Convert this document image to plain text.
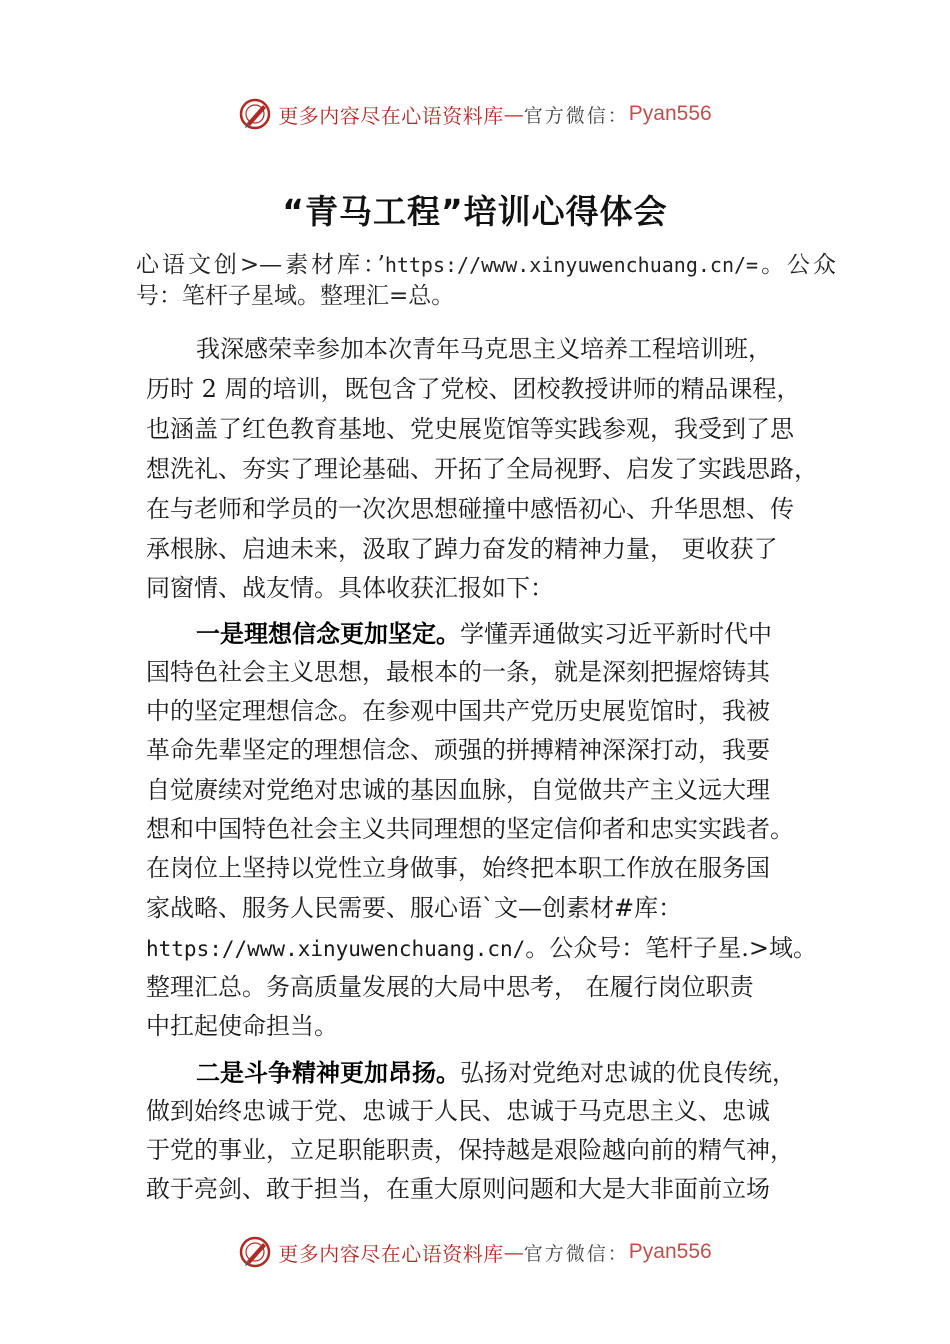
更多内容尽在心语资料库 — 官方微信： Pyan556
“青马工程”培训心得体会
心语文创>—素材库：’https://www.xinyuwenchuang.cn/=。公众号：笔杆子星域。整理汇=总。
我深感荣幸参加本次青年马克思主义培养工程培训班，
历时 2 周的培训，既包含了党校、团校教授讲师的精品课程，
也涵盖了红色教育基地、党史展览馆等实践参观，我受到了思
想洗礼、夯实了理论基础、开拓了全局视野、启发了实践思路，
在与老师和学员的一次次思想碰撞中感悟初心、升华思想、传
承根脉、启迪未来，汲取了踔力奋发的精神力量， 更收获了
同窗情、战友情。具体收获汇报如下：
一是理想信念更加坚定。学懂弄通做实习近平新时代中
国特色社会主义思想，最根本的一条，就是深刻把握熔铸其
中的坚定理想信念。在参观中国共产党历史展览馆时，我被
革命先辈坚定的理想信念、顽强的拼搏精神深深打动，我要
自觉赓续对党绝对忠诚的基因血脉，自觉做共产主义远大理
想和中国特色社会主义共同理想的坚定信仰者和忠实实践者。
在岗位上坚持以党性立身做事，始终把本职工作放在服务国
家战略、服务人民需要、服心语`文—创素材#库：
https://www.xinyuwenchuang.cn/。公众号：笔杆子星.>域。
整理汇总。务高质量发展的大局中思考， 在履行岗位职责
中扛起使命担当。
二是斗争精神更加昂扬。弘扬对党绝对忠诚的优良传统，
做到始终忠诚于党、忠诚于人民、忠诚于马克思主义、忠诚
于党的事业，立足职能职责，保持越是艰险越向前的精气神，
敢于亮剑、敢于担当，在重大原则问题和大是大非面前立场
更多内容尽在心语资料库 — 官方微信： Pyan556
